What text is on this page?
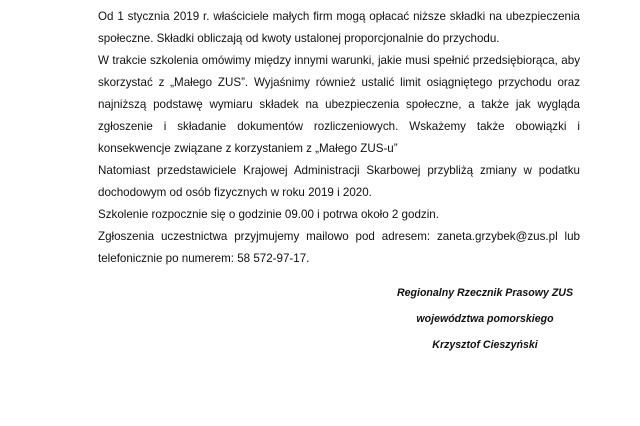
Od 1 stycznia 2019 r. właściciele małych firm mogą opłacać niższe składki na ubezpieczenia społeczne. Składki obliczają od kwoty ustalonej proporcjonalnie do przychodu.

W trakcie szkolenia omówimy między innymi warunki, jakie musi spełnić przedsiębiorąca, aby skorzystać z „Małego ZUS”. Wyjaśnimy również ustalić limit osiągniętego przychodu oraz najniższą podstawę wymiaru składek na ubezpieczenia społeczne, a także jak wygląda zgłoszenie i składanie dokumentów rozliczeniowych. Wskażemy także obowiązki i konsekwencje związane z korzystaniem z „Małego ZUS-u”

Natomiast przedstawiciele Krajowej Administracji Skarbowej przybliżą zmiany w podatku dochodowym od osób fizycznych w roku 2019 i 2020.

Szkolenie rozpocznie się o godzinie 09.00 i potrwa około 2 godzin.

Zgłoszenia uczestnictwa przyjmujemy mailowo pod adresem: zaneta.grzybek@zus.pl lub telefonicznie po numerem: 58 572-97-17.

Regionalny Rzecznik Prasowy ZUS
województwa pomorskiego
Krzysztof Cieszyński
